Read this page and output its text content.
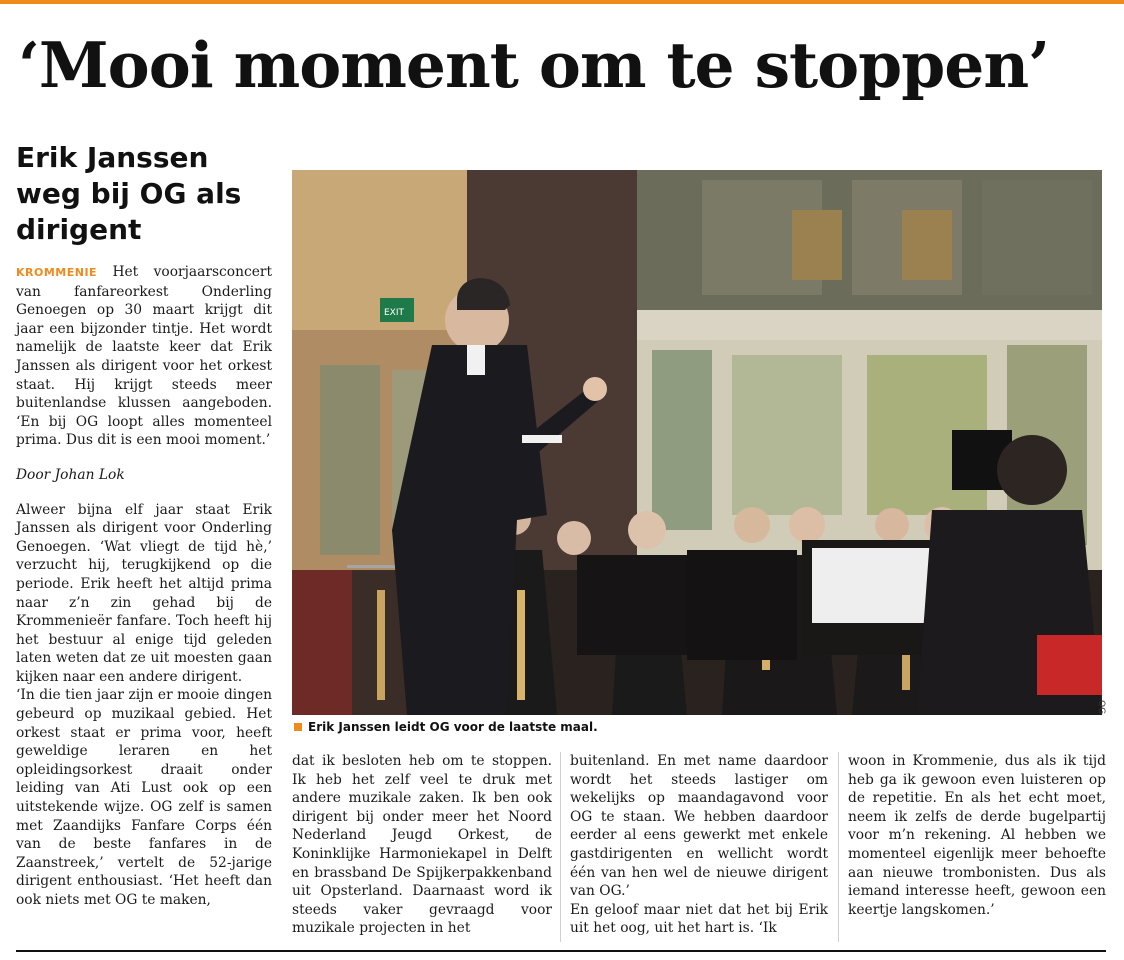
‘Mooi moment om te stoppen’
Erik Janssen weg bij OG als dirigent

KROMMENIE Het voorjaarsconcert van fanfareorkest Onderling Genoegen op 30 maart krijgt dit jaar een bijzonder tintje. Het wordt namelijk de laatste keer dat Erik Janssen als dirigent voor het orkest staat. Hij krijgt steeds meer buitenlandse klussen aangeboden. ‘En bij OG loopt alles momenteel prima. Dus dit is een mooi moment.’

Door Johan Lok

Alweer bijna elf jaar staat Erik Janssen als dirigent voor Onderling Genoegen. ‘Wat vliegt de tijd hè,’ verzucht hij, terugkijkend op die periode. Erik heeft het altijd prima naar z’n zin gehad bij de Krommenieër fanfare. Toch heeft hij het bestuur al enige tijd geleden laten weten dat ze uit moesten gaan kijken naar een andere dirigent.

‘In die tien jaar zijn er mooie dingen gebeurd op muzikaal gebied. Het orkest staat er prima voor, heeft geweldige leraren en het opleidingsorkest draait onder leiding van Ati Lust ook op een uitstekende wijze. OG zelf is samen met Zaandijks Fanfare Corps één van de beste fanfares in de Zaanstreek,’ vertelt de 52-jarige dirigent enthousiast. ‘Het heeft dan ook niets met OG te maken,

EXIT
Erik Janssen leidt OG voor de laatste maal.
OG

dat ik besloten heb om te stoppen. Ik heb het zelf veel te druk met andere muzikale zaken. Ik ben ook dirigent bij onder meer het Noord Nederland Jeugd Orkest, de Koninklijke Harmoniekapel in Delft en brassband De Spijkerpakkenband uit Opsterland. Daarnaast word ik steeds vaker gevraagd voor muzikale projecten in het

buitenland. En met name daardoor wordt het steeds lastiger om wekelijks op maandagavond voor OG te staan. We hebben daardoor eerder al eens gewerkt met enkele gastdirigenten en wellicht wordt één van hen wel de nieuwe dirigent van OG.’

En geloof maar niet dat het bij Erik uit het oog, uit het hart is. ‘Ik

woon in Krommenie, dus als ik tijd heb ga ik gewoon even luisteren op de repetitie. En als het echt moet, neem ik zelfs de derde bugelpartij voor m’n rekening. Al hebben we momenteel eigenlijk meer behoefte aan nieuwe trombonisten. Dus als iemand interesse heeft, gewoon een keertje langskomen.’
